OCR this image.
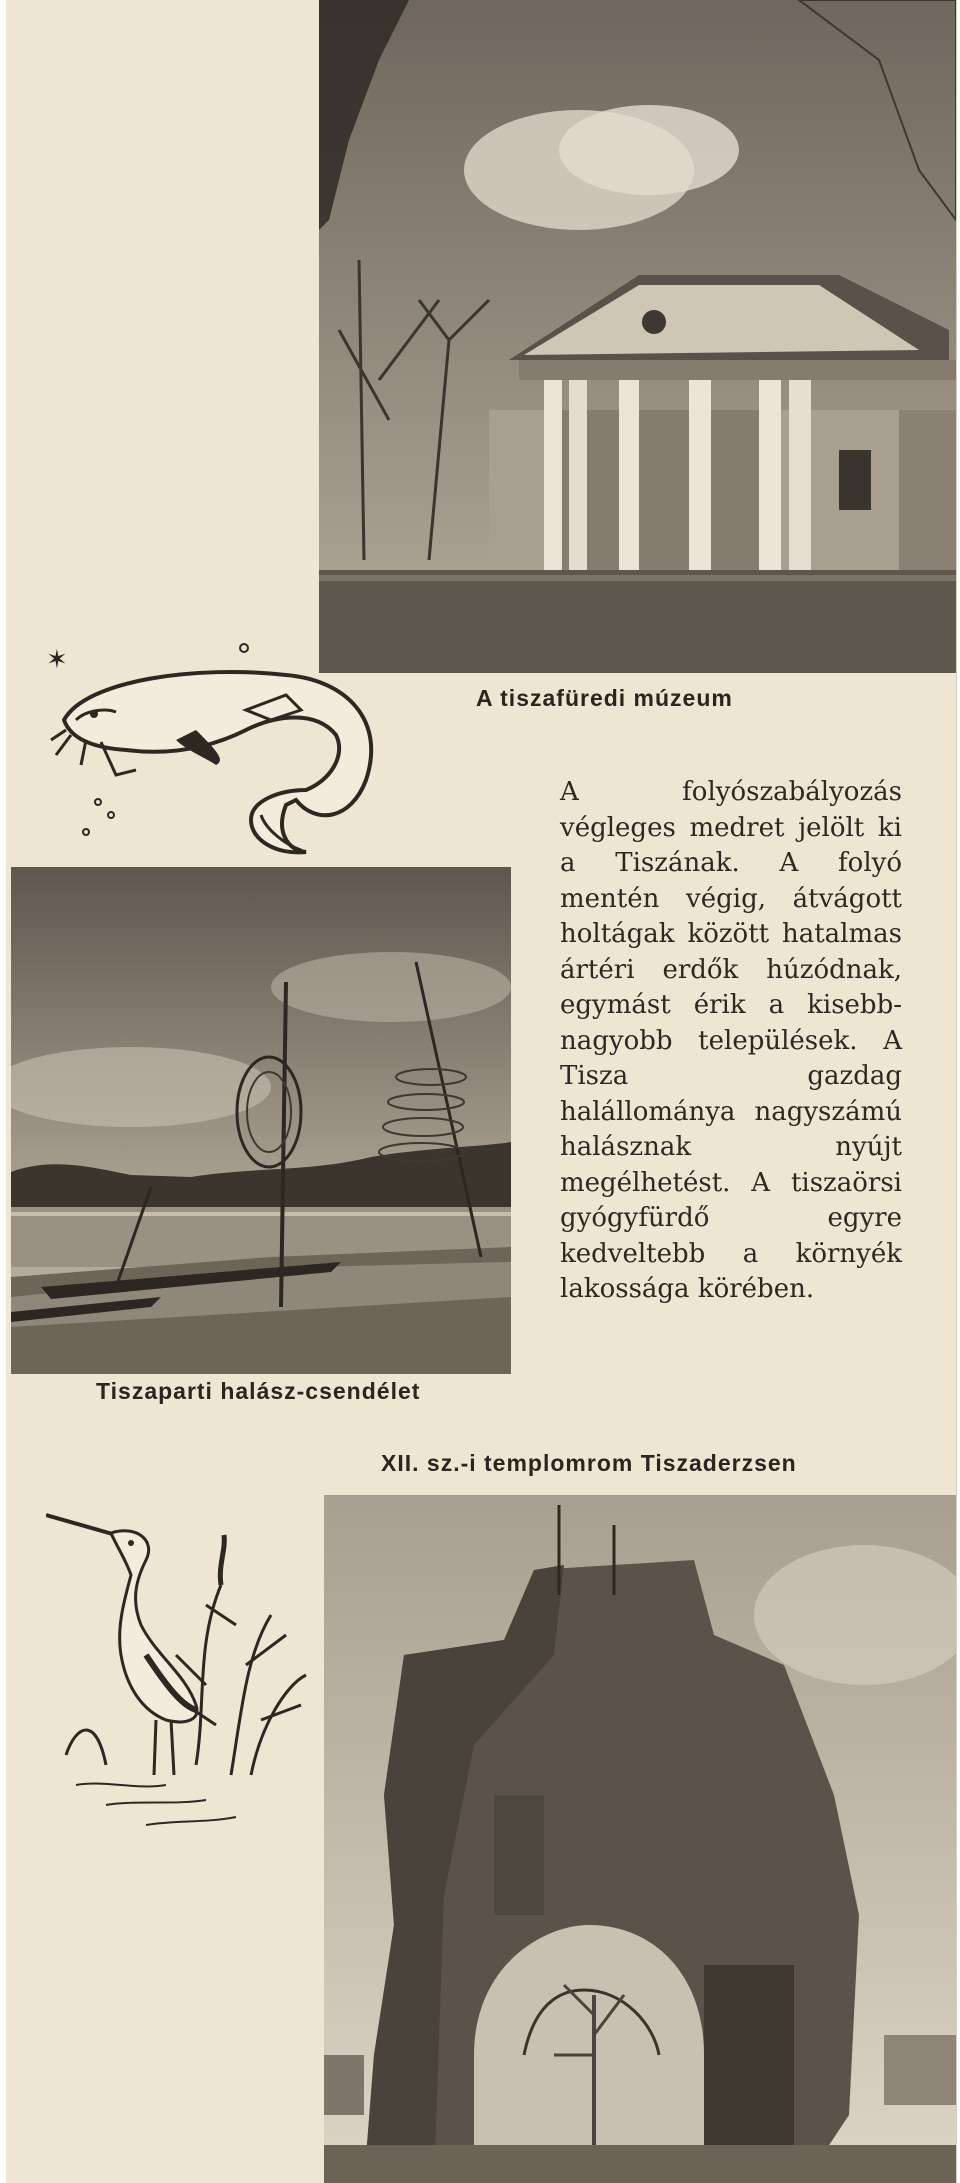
A tiszafüredi múzeum

✶

Tiszaparti halász-csendélet

A folyószabályozás végleges medret jelölt ki a Tiszának. A folyó mentén végig, átvágott holtágak között hatalmas ártéri erdők húzódnak, egymást érik a kisebb-nagyobb települések. A Tisza gazdag halállománya nagyszámú halásznak nyújt megélhetést. A tiszaörsi gyógyfürdő egyre kedveltebb a környék lakossága körében.

XII. sz.-i templomrom Tiszaderzsen
